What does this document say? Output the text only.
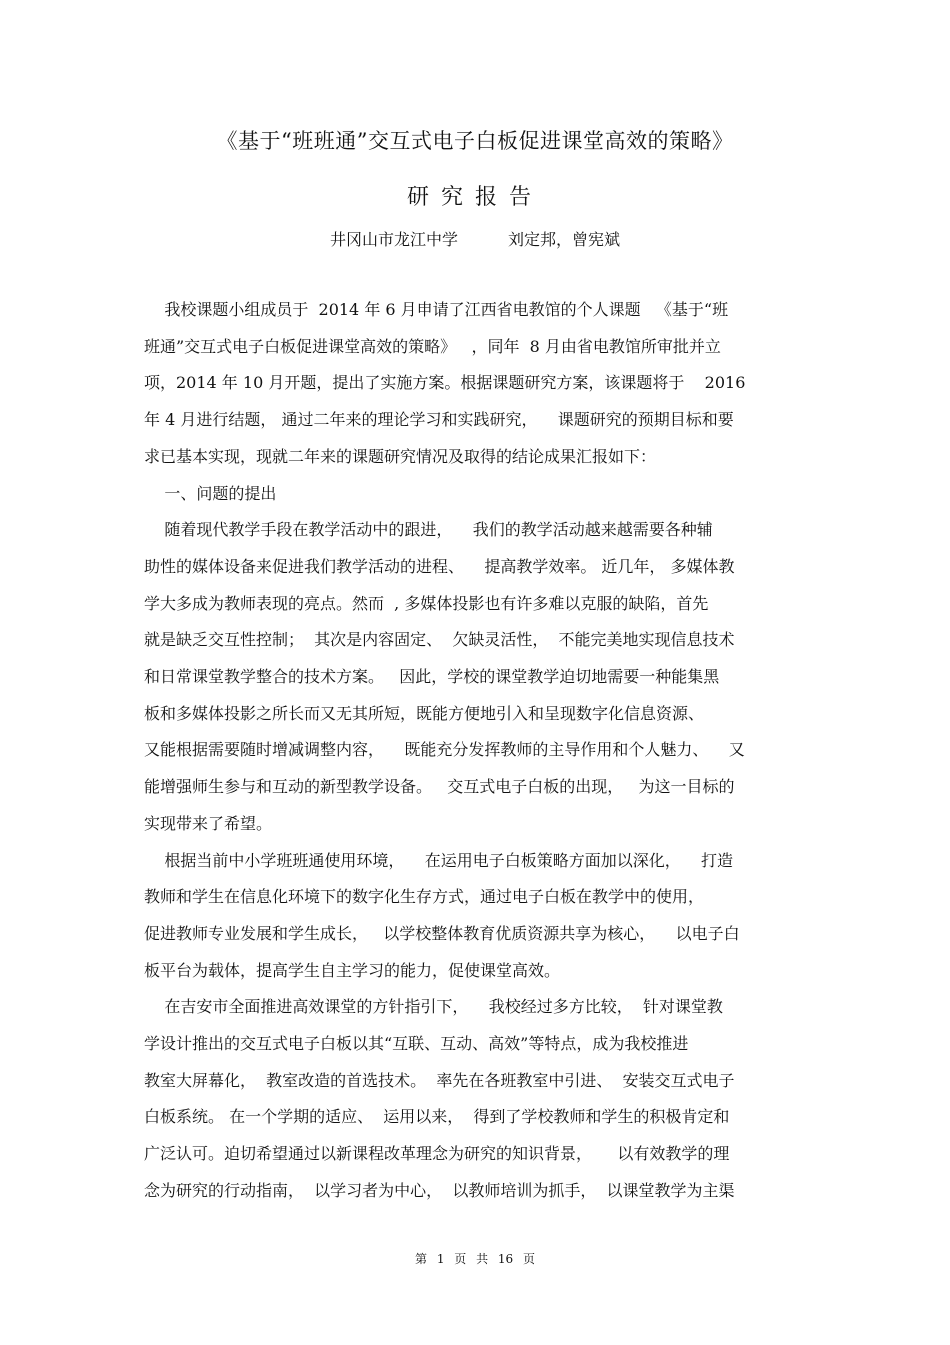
《基于“班班通”交互式电子白板促进课堂高效的策略》
研究报告
井冈山市龙江中学	刘定邦，曾宪斌
我校课题小组成员于  2014 年 6 月申请了江西省电教馆的个人课题   《基于“班
班通”交互式电子白板促进课堂高效的策略》   ，同年  8 月由省电教馆所审批并立
项，2014 年 10 月开题，提出了实施方案。根据课题研究方案，该课题将于    2016
年 4 月进行结题， 通过二年来的理论学习和实践研究，    课题研究的预期目标和要
求已基本实现，现就二年来的课题研究情况及取得的结论成果汇报如下：
一、问题的提出
随着现代教学手段在教学活动中的跟进，    我们的教学活动越来越需要各种辅
助性的媒体设备来促进我们教学活动的进程、    提高教学效率。 近几年， 多媒体教
学大多成为教师表现的亮点。然而  , 多媒体投影也有许多难以克服的缺陷，首先
就是缺乏交互性控制；  其次是内容固定、  欠缺灵活性，  不能完美地实现信息技术
和日常课堂教学整合的技术方案。   因此，学校的课堂教学迫切地需要一种能集黑
板和多媒体投影之所长而又无其所短，既能方便地引入和呈现数字化信息资源、
又能根据需要随时增减调整内容，    既能充分发挥教师的主导作用和个人魅力、    又
能增强师生参与和互动的新型教学设备。   交互式电子白板的出现，   为这一目标的
实现带来了希望。
根据当前中小学班班通使用环境，    在运用电子白板策略方面加以深化，    打造
教师和学生在信息化环境下的数字化生存方式，通过电子白板在教学中的使用，
促进教师专业发展和学生成长，   以学校整体教育优质资源共享为核心，    以电子白
板平台为载体，提高学生自主学习的能力，促使课堂高效。
在吉安市全面推进高效课堂的方针指引下，    我校经过多方比较，  针对课堂教
学设计推出的交互式电子白板以其“互联、互动、高效”等特点，成为我校推进
教室大屏幕化，  教室改造的首选技术。  率先在各班教室中引进、  安装交互式电子
白板系统。 在一个学期的适应、  运用以来，  得到了学校教师和学生的积极肯定和
广泛认可。迫切希望通过以新课程改革理念为研究的知识背景，     以有效教学的理
念为研究的行动指南，  以学习者为中心，  以教师培训为抓手，  以课堂教学为主渠
第 1 页 共 16 页
